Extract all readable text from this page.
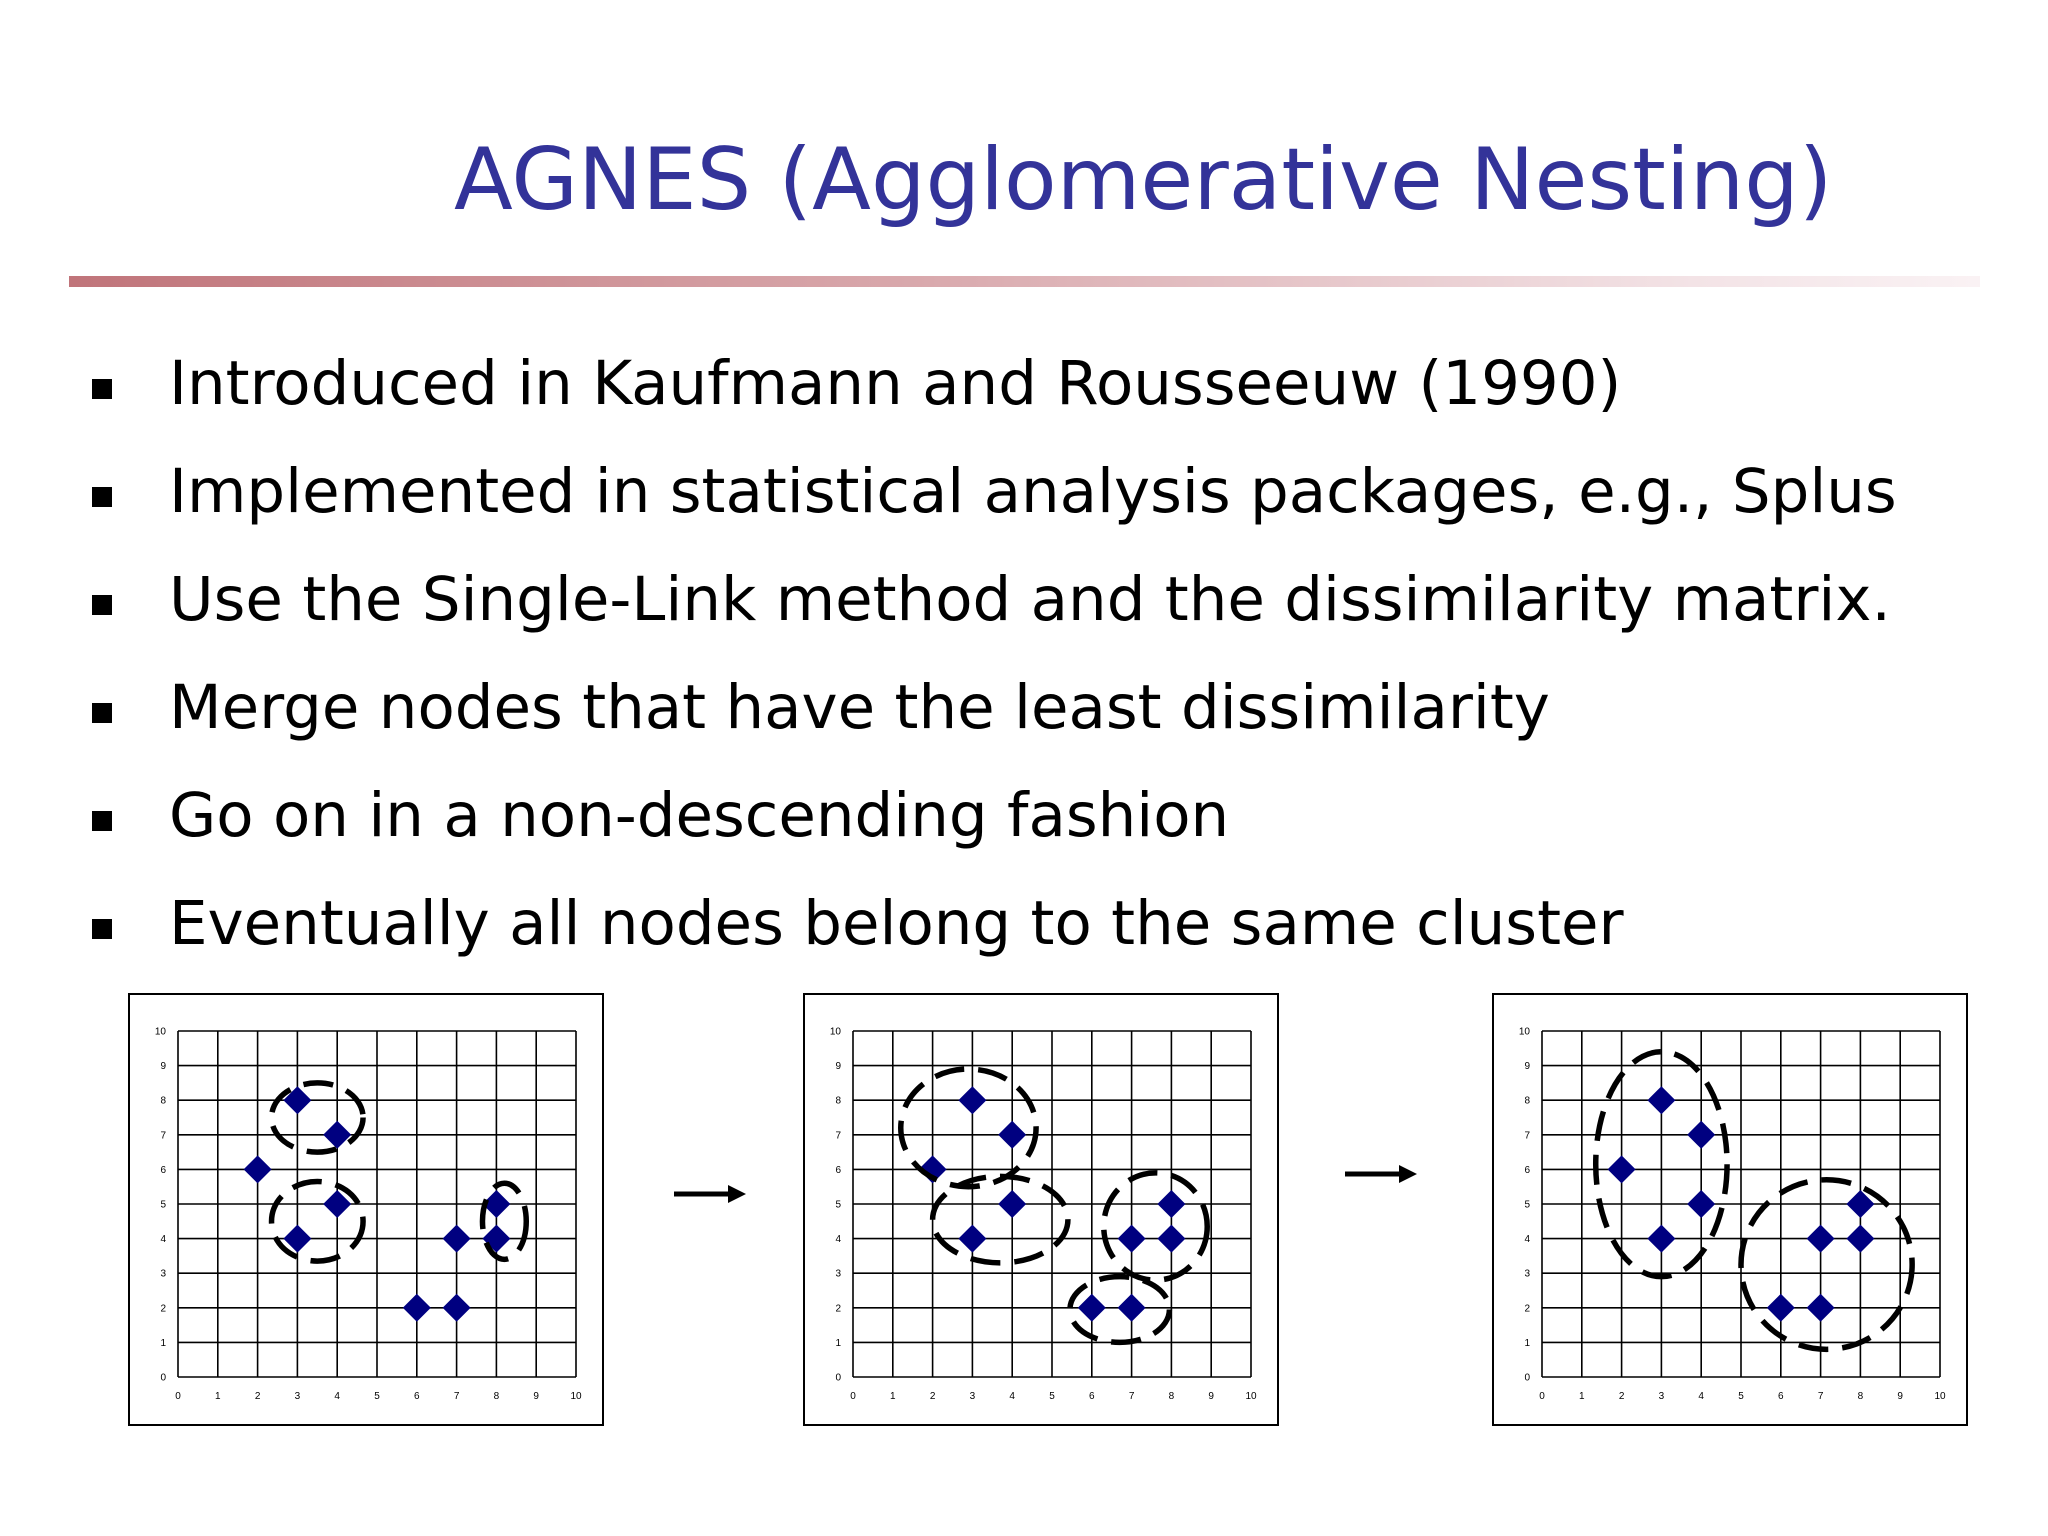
AGNES (Agglomerative Nesting)
Introduced in Kaufmann and Rousseeuw (1990)
Implemented in statistical analysis packages, e.g., Splus
Use the Single-Link method and the dissimilarity matrix.
Merge nodes that have the least dissimilarity
Go on in a non-descending fashion
Eventually all nodes belong to the same cluster
0	1	2	3	4	5	6	7	8	9	10
0
1
2
3
4
5
6
7
8
9
10
0	1	2	3	4	5	6	7	8	9	10
0
1
2
3
4
5
6
7
8
9
10
0	1	2	3	4	5	6	7	8	9	10
0
1
2
3
4
5
6
7
8
9
10
